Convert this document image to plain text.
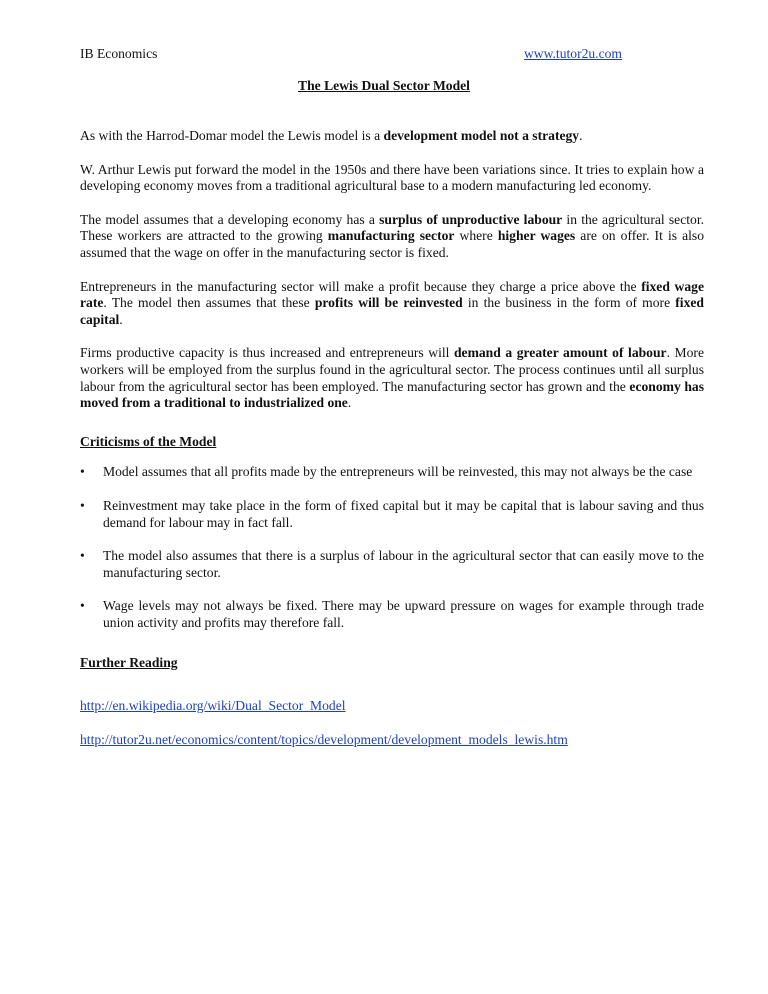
IB Economics	www.tutor2u.com
The Lewis Dual Sector Model

As with the Harrod-Domar model the Lewis model is a development model not a strategy.

W. Arthur Lewis put forward the model in the 1950s and there have been variations since. It tries to explain how a developing economy moves from a traditional agricultural base to a modern manufacturing led economy.

The model assumes that a developing economy has a surplus of unproductive labour in the agricultural sector. These workers are attracted to the growing manufacturing sector where higher wages are on offer. It is also assumed that the wage on offer in the manufacturing sector is fixed.

Entrepreneurs in the manufacturing sector will make a profit because they charge a price above the fixed wage rate. The model then assumes that these profits will be reinvested in the business in the form of more fixed capital.

Firms productive capacity is thus increased and entrepreneurs will demand a greater amount of labour. More workers will be employed from the surplus found in the agricultural sector. The process continues until all surplus labour from the agricultural sector has been employed. The manufacturing sector has grown and the economy has moved from a traditional to industrialized one.

Criticisms of the Model
• Model assumes that all profits made by the entrepreneurs will be reinvested, this may not always be the case
• Reinvestment may take place in the form of fixed capital but it may be capital that is labour saving and thus demand for labour may in fact fall.
• The model also assumes that there is a surplus of labour in the agricultural sector that can easily move to the manufacturing sector.
• Wage levels may not always be fixed. There may be upward pressure on wages for example through trade union activity and profits may therefore fall.
Further Reading
http://en.wikipedia.org/wiki/Dual_Sector_Model
http://tutor2u.net/economics/content/topics/development/development_models_lewis.htm
